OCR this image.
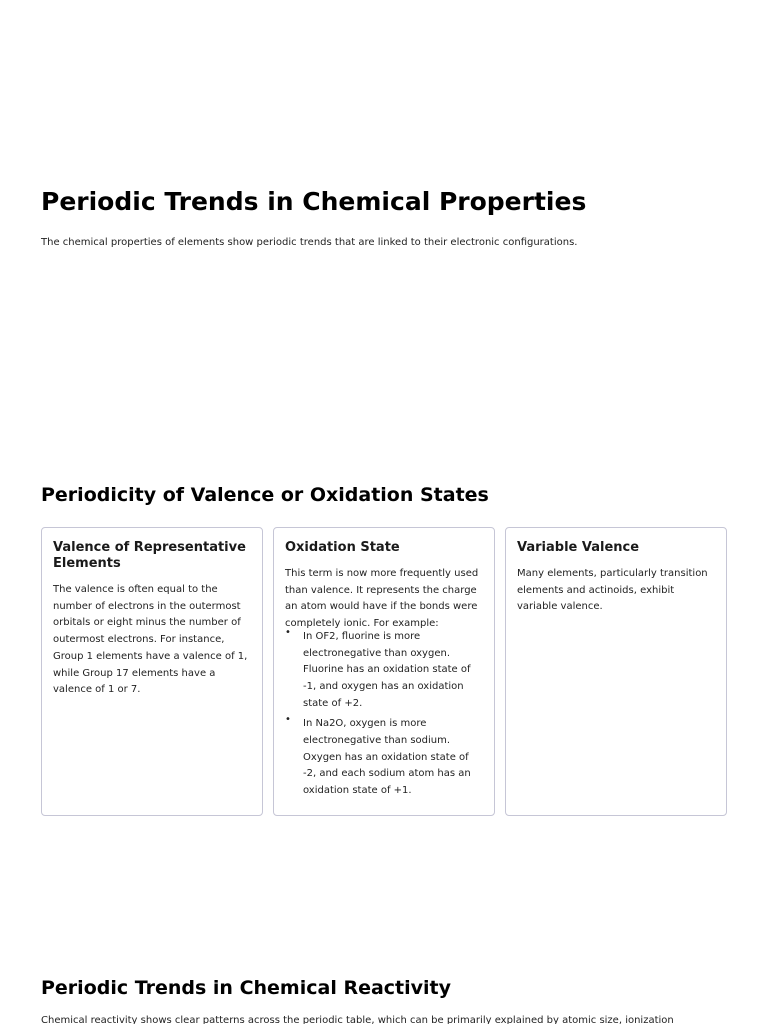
Periodic Trends in Chemical Properties

The chemical properties of elements show periodic trends that are linked to their electronic configurations.

Periodicity of Valence or Oxidation States
Valence of Representative Elements

The valence is often equal to the number of electrons in the outermost orbitals or eight minus the number of outermost electrons. For instance, Group 1 elements have a valence of 1, while Group 17 elements have a valence of 1 or 7.

Oxidation State

This term is now more frequently used than valence. It represents the charge an atom would have if the bonds were completely ionic. For example:

• In OF2, fluorine is more electronegative than oxygen. Fluorine has an oxidation state of -1, and oxygen has an oxidation state of +2.
• In Na2O, oxygen is more electronegative than sodium. Oxygen has an oxidation state of -2, and each sodium atom has an oxidation state of +1.
Variable Valence

Many elements, particularly transition elements and actinoids, exhibit variable valence.

Periodic Trends in Chemical Reactivity

Chemical reactivity shows clear patterns across the periodic table, which can be primarily explained by atomic size, ionization
